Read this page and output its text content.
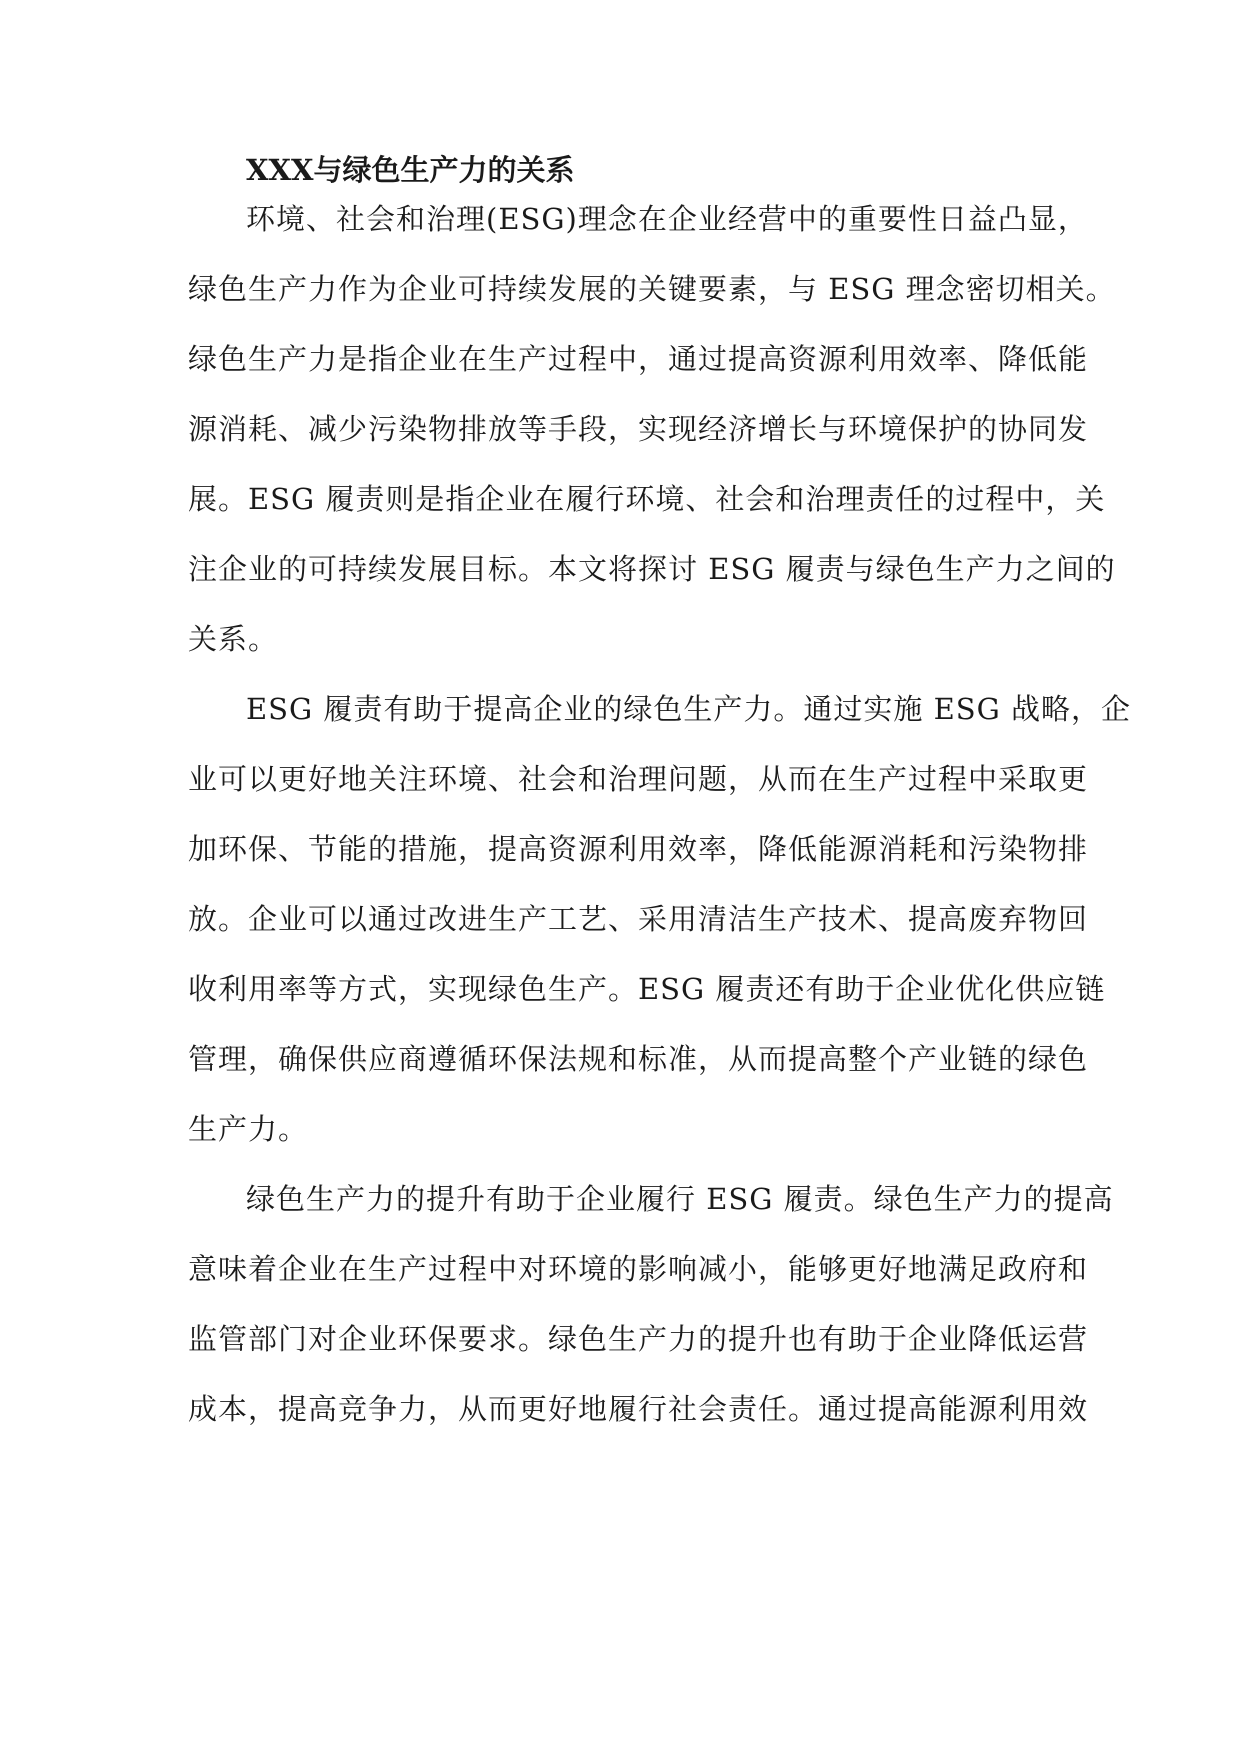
XXX与绿色生产力的关系
环境、社会和治理(ESG)理念在企业经营中的重要性日益凸显，
绿色生产力作为企业可持续发展的关键要素，与 ESG 理念密切相关。
绿色生产力是指企业在生产过程中，通过提高资源利用效率、降低能
源消耗、减少污染物排放等手段，实现经济增长与环境保护的协同发
展。ESG 履责则是指企业在履行环境、社会和治理责任的过程中，关
注企业的可持续发展目标。本文将探讨 ESG 履责与绿色生产力之间的
关系。
ESG 履责有助于提高企业的绿色生产力。通过实施 ESG 战略，企
业可以更好地关注环境、社会和治理问题，从而在生产过程中采取更
加环保、节能的措施，提高资源利用效率，降低能源消耗和污染物排
放。企业可以通过改进生产工艺、采用清洁生产技术、提高废弃物回
收利用率等方式，实现绿色生产。ESG 履责还有助于企业优化供应链
管理，确保供应商遵循环保法规和标准，从而提高整个产业链的绿色
生产力。
绿色生产力的提升有助于企业履行 ESG 履责。绿色生产力的提高
意味着企业在生产过程中对环境的影响减小，能够更好地满足政府和
监管部门对企业环保要求。绿色生产力的提升也有助于企业降低运营
成本，提高竞争力，从而更好地履行社会责任。通过提高能源利用效
